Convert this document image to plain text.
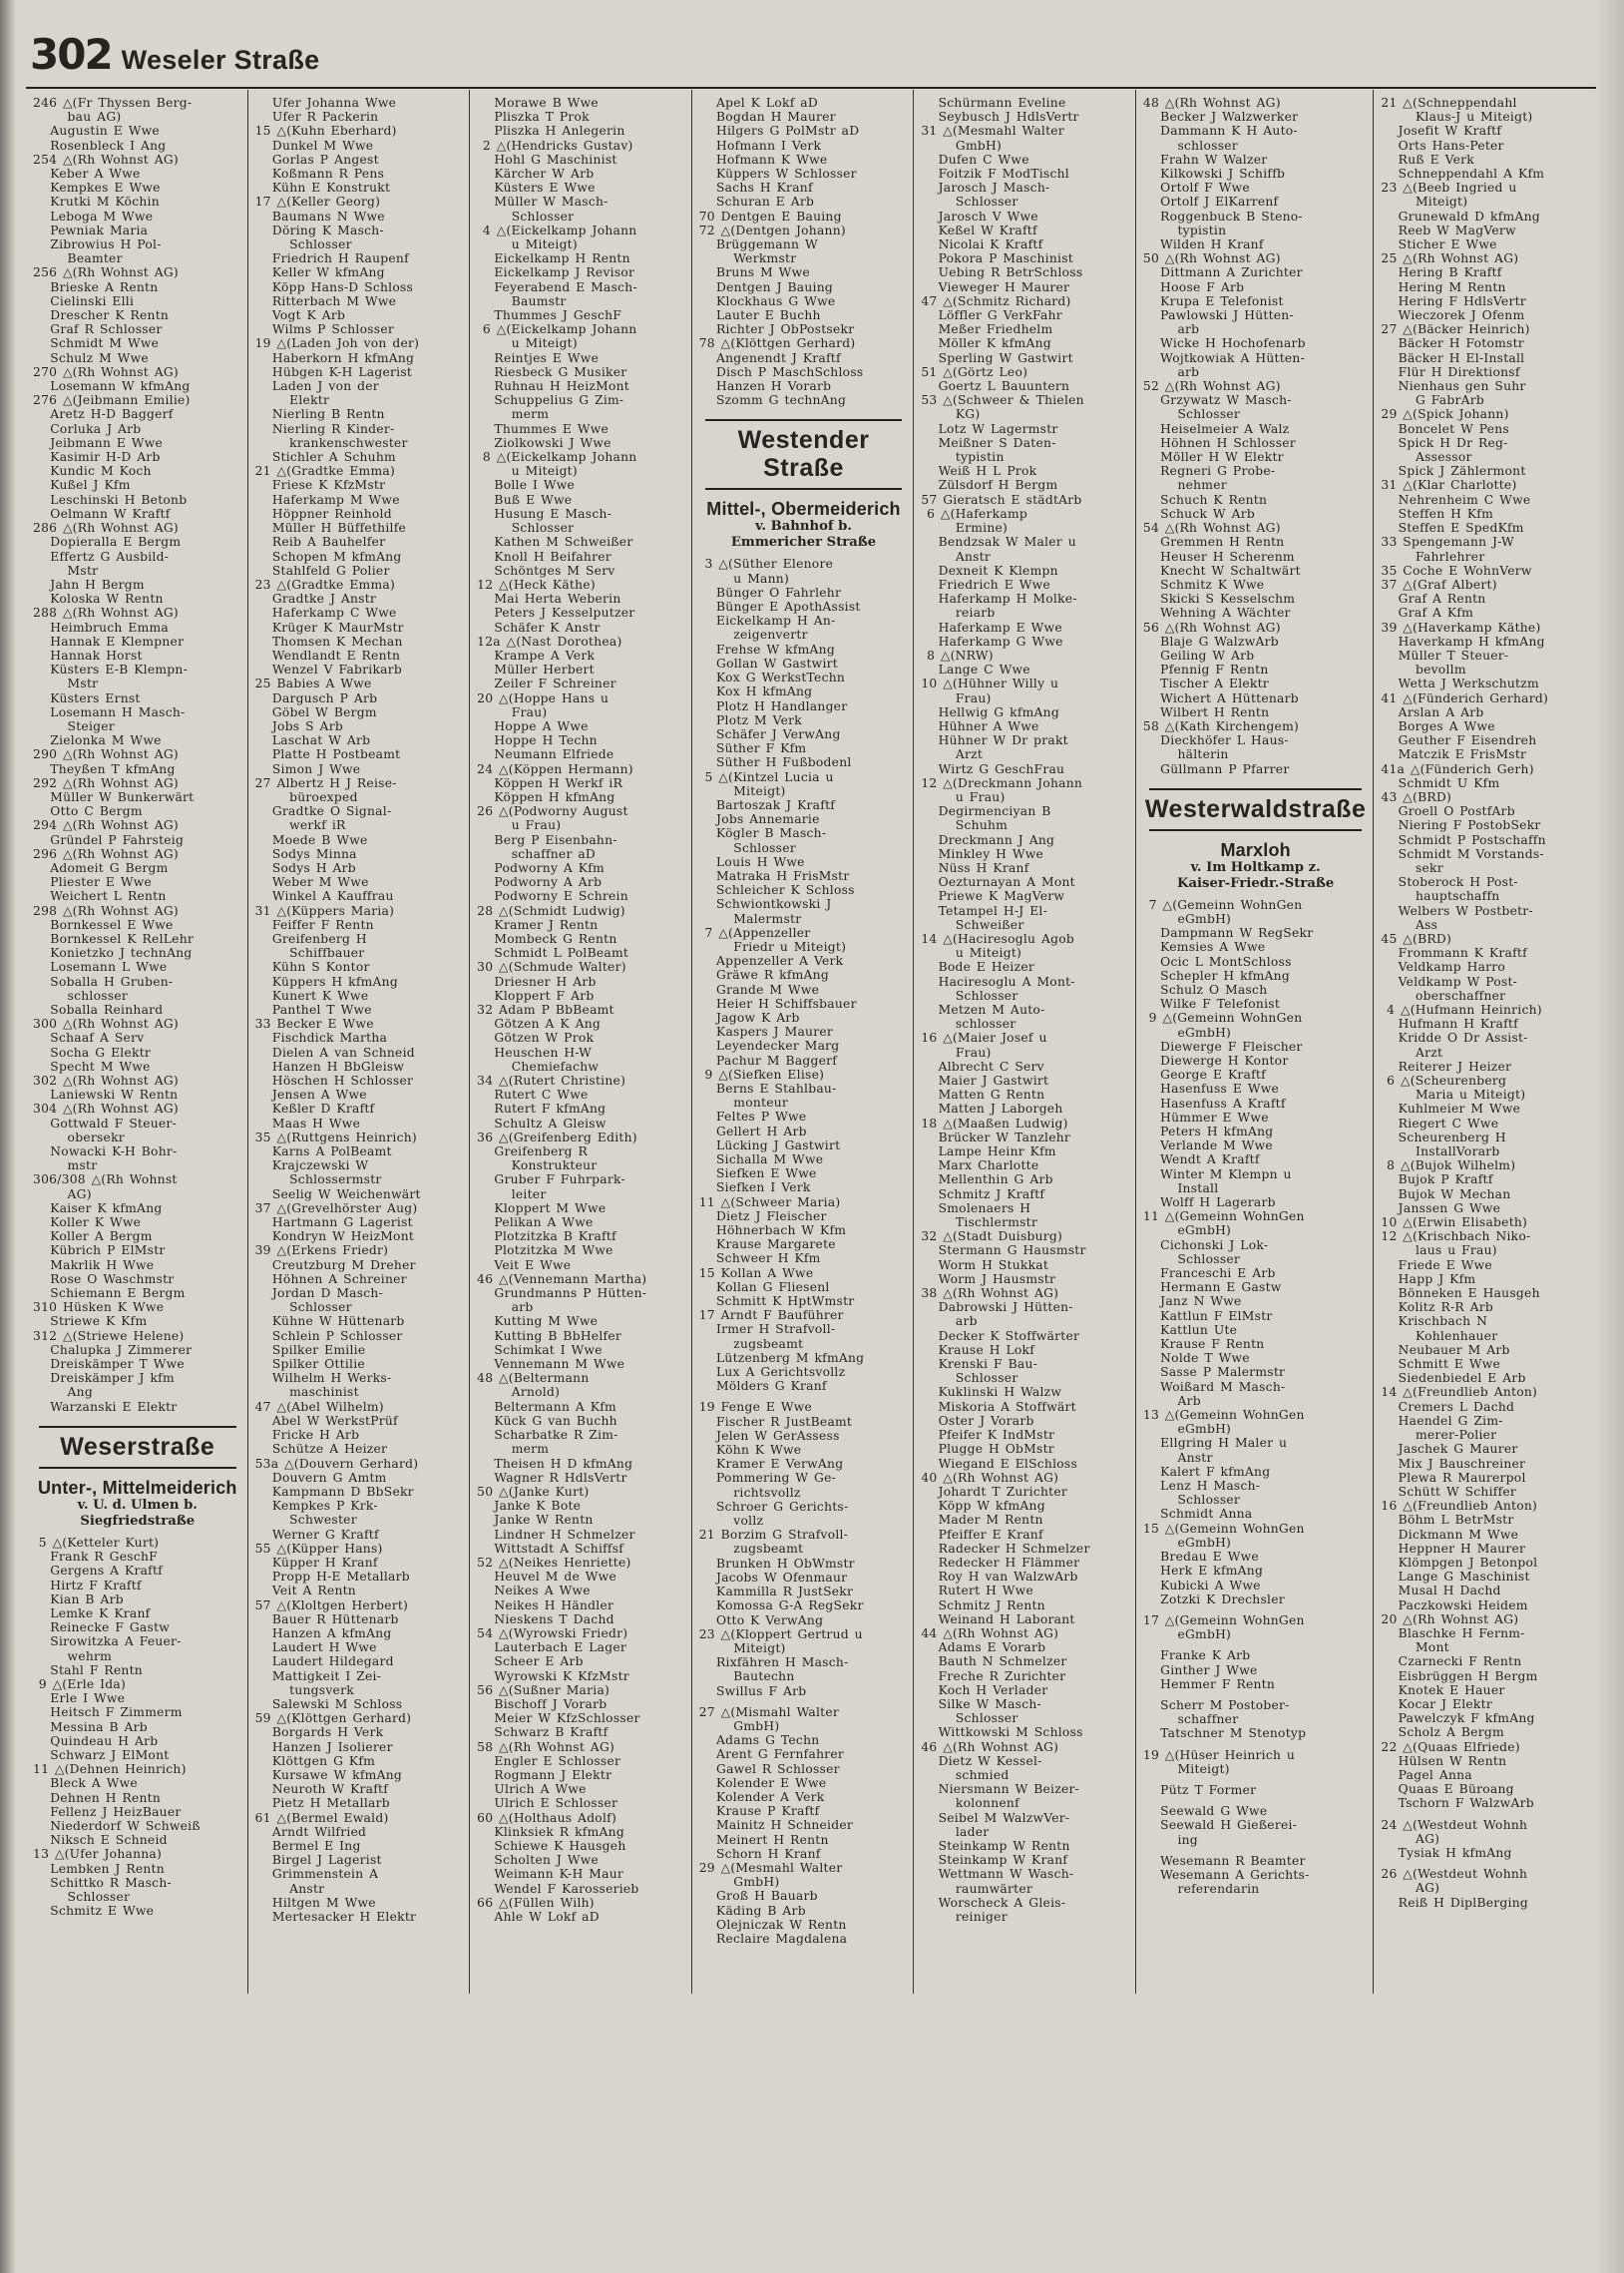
302 Weseler Straße
246 △(Fr Thyssen Berg-
bau AG)
Augustin E Wwe
Rosenbleck I Ang
254 △(Rh Wohnst AG)
Keber A Wwe
Kempkes E Wwe
Krutki M Köchin
Leboga M Wwe
Pewniak Maria
Zibrowius H Pol-
Beamter
256 △(Rh Wohnst AG)
Brieske A Rentn
Cielinski Elli
Drescher K Rentn
Graf R Schlosser
Schmidt M Wwe
Schulz M Wwe
270 △(Rh Wohnst AG)
Losemann W kfmAng
276 △(Jeibmann Emilie)
Aretz H-D Baggerf
Corluka J Arb
Jeibmann E Wwe
Kasimir H-D Arb
Kundic M Koch
Kußel J Kfm
Leschinski H Betonb
Oelmann W Kraftf
286 △(Rh Wohnst AG)
Dopieralla E Bergm
Effertz G Ausbild-
Mstr
Jahn H Bergm
Koloska W Rentn
288 △(Rh Wohnst AG)
Heimbruch Emma
Hannak E Klempner
Hannak Horst
Küsters E-B Klempn-
Mstr
Küsters Ernst
Losemann H Masch-
Steiger
Zielonka M Wwe
290 △(Rh Wohnst AG)
Theyßen T kfmAng
292 △(Rh Wohnst AG)
Müller W Bunkerwärt
Otto C Bergm
294 △(Rh Wohnst AG)
Gründel P Fahrsteig
296 △(Rh Wohnst AG)
Adomeit G Bergm
Pliester E Wwe
Weichert L Rentn
298 △(Rh Wohnst AG)
Bornkessel E Wwe
Bornkessel K RelLehr
Konietzko J technAng
Losemann L Wwe
Soballa H Gruben-
schlosser
Soballa Reinhard
300 △(Rh Wohnst AG)
Schaaf A Serv
Socha G Elektr
Specht M Wwe
302 △(Rh Wohnst AG)
Laniewski W Rentn
304 △(Rh Wohnst AG)
Gottwald F Steuer-
obersekr
Nowacki K-H Bohr-
mstr
306/308 △(Rh Wohnst
AG)
Kaiser K kfmAng
Koller K Wwe
Koller A Bergm
Kübrich P ElMstr
Makrlik H Wwe
Rose O Waschmstr
Schiemann E Bergm
310 Hüsken K Wwe
Striewe K Kfm
312 △(Striewe Helene)
Chalupka J Zimmerer
Dreiskämper T Wwe
Dreiskämper J kfm
Ang
Warzanski E Elektr
Weserstraße
Unter-, Mittelmeiderich
v. U. d. Ulmen b.
Siegfriedstraße
5 △(Ketteler Kurt)
Frank R GeschF
Gergens A Kraftf
Hirtz F Kraftf
Kian B Arb
Lemke K Kranf
Reinecke F Gastw
Sirowitzka A Feuer-
wehrm
Stahl F Rentn
9 △(Erle Ida)
Erle I Wwe
Heitsch F Zimmerm
Messina B Arb
Quindeau H Arb
Schwarz J ElMont
11 △(Dehnen Heinrich)
Bleck A Wwe
Dehnen H Rentn
Fellenz J HeizBauer
Niederdorf W Schweiß
Niksch E Schneid
13 △(Ufer Johanna)
Lembken J Rentn
Schittko R Masch-
Schlosser
Schmitz E Wwe
Ufer Johanna Wwe
Ufer R Packerin
15 △(Kuhn Eberhard)
Dunkel M Wwe
Gorlas P Angest
Koßmann R Pens
Kühn E Konstrukt
17 △(Keller Georg)
Baumans N Wwe
Döring K Masch-
Schlosser
Friedrich H Raupenf
Keller W kfmAng
Köpp Hans-D Schloss
Ritterbach M Wwe
Vogt K Arb
Wilms P Schlosser
19 △(Laden Joh von der)
Haberkorn H kfmAng
Hübgen K-H Lagerist
Laden J von der
Elektr
Nierling B Rentn
Nierling R Kinder-
krankenschwester
Stichler A Schuhm
21 △(Gradtke Emma)
Friese K KfzMstr
Haferkamp M Wwe
Höppner Reinhold
Müller H Büffethilfe
Reib A Bauhelfer
Schopen M kfmAng
Stahlfeld G Polier
23 △(Gradtke Emma)
Gradtke J Anstr
Haferkamp C Wwe
Krüger K MaurMstr
Thomsen K Mechan
Wendlandt E Rentn
Wenzel V Fabrikarb
25 Babies A Wwe
Dargusch P Arb
Göbel W Bergm
Jobs S Arb
Laschat W Arb
Platte H Postbeamt
Simon J Wwe
27 Albertz H J Reise-
büroexped
Gradtke O Signal-
werkf iR
Moede B Wwe
Sodys Minna
Sodys H Arb
Weber M Wwe
Winkel A Kauffrau
31 △(Küppers Maria)
Feiffer F Rentn
Greifenberg H
Schiffbauer
Kühn S Kontor
Küppers H kfmAng
Kunert K Wwe
Panthel T Wwe
33 Becker E Wwe
Fischdick Martha
Dielen A van Schneid
Hanzen H BbGleisw
Höschen H Schlosser
Jensen A Wwe
Keßler D Kraftf
Maas H Wwe
35 △(Ruttgens Heinrich)
Karns A PolBeamt
Krajczewski W
Schlossermstr
Seelig W Weichenwärt
37 △(Grevelhörster Aug)
Hartmann G Lagerist
Kondryn W HeizMont
39 △(Erkens Friedr)
Creutzburg M Dreher
Höhnen A Schreiner
Jordan D Masch-
Schlosser
Kühne W Hüttenarb
Schlein P Schlosser
Spilker Emilie
Spilker Ottilie
Wilhelm H Werks-
maschinist
47 △(Abel Wilhelm)
Abel W WerkstPrüf
Fricke H Arb
Schütze A Heizer
53a △(Douvern Gerhard)
Douvern G Amtm
Kampmann D BbSekr
Kempkes P Krk-
Schwester
Werner G Kraftf
55 △(Küpper Hans)
Küpper H Kranf
Propp H-E Metallarb
Veit A Rentn
57 △(Kloltgen Herbert)
Bauer R Hüttenarb
Hanzen A kfmAng
Laudert H Wwe
Laudert Hildegard
Mattigkeit I Zei-
tungsverk
Salewski M Schloss
59 △(Klöttgen Gerhard)
Borgards H Verk
Hanzen J Isolierer
Klöttgen G Kfm
Kursawe W kfmAng
Neuroth W Kraftf
Pietz H Metallarb
61 △(Bermel Ewald)
Arndt Wilfried
Bermel E Ing
Birgel J Lagerist
Grimmenstein A
Anstr
Hiltgen M Wwe
Mertesacker H Elektr
Morawe B Wwe
Pliszka T Prok
Pliszka H Anlegerin
2 △(Hendricks Gustav)
Hohl G Maschinist
Kärcher W Arb
Küsters E Wwe
Müller W Masch-
Schlosser
4 △(Eickelkamp Johann
u Miteigt)
Eickelkamp H Rentn
Eickelkamp J Revisor
Feyerabend E Masch-
Baumstr
Thummes J GeschF
6 △(Eickelkamp Johann
u Miteigt)
Reintjes E Wwe
Riesbeck G Musiker
Ruhnau H HeizMont
Schuppelius G Zim-
merm
Thummes E Wwe
Ziolkowski J Wwe
8 △(Eickelkamp Johann
u Miteigt)
Bolle I Wwe
Buß E Wwe
Husung E Masch-
Schlosser
Kathen M Schweißer
Knoll H Beifahrer
Schöntges M Serv
12 △(Heck Käthe)
Mai Herta Weberin
Peters J Kesselputzer
Schäfer K Anstr
12a △(Nast Dorothea)
Krampe A Verk
Müller Herbert
Zeiler F Schreiner
20 △(Hoppe Hans u
Frau)
Hoppe A Wwe
Hoppe H Techn
Neumann Elfriede
24 △(Köppen Hermann)
Köppen H Werkf iR
Köppen H kfmAng
26 △(Podworny August
u Frau)
Berg P Eisenbahn-
schaffner aD
Podworny A Kfm
Podworny A Arb
Podworny E Schrein
28 △(Schmidt Ludwig)
Kramer J Rentn
Mombeck G Rentn
Schmidt L PolBeamt
30 △(Schmude Walter)
Driesner H Arb
Kloppert F Arb
32 Adam P BbBeamt
Götzen A K Ang
Götzen W Prok
Heuschen H-W
Chemiefachw
34 △(Rutert Christine)
Rutert C Wwe
Rutert F kfmAng
Schultz A Gleisw
36 △(Greifenberg Edith)
Greifenberg R
Konstrukteur
Gruber F Fuhrpark-
leiter
Kloppert M Wwe
Pelikan A Wwe
Plotzitzka B Kraftf
Plotzitzka M Wwe
Veit E Wwe
46 △(Vennemann Martha)
Grundmanns P Hütten-
arb
Kutting M Wwe
Kutting B BbHelfer
Schimkat I Wwe
Vennemann M Wwe
48 △(Beltermann
Arnold)
Beltermann A Kfm
Kück G van Buchh
Scharbatke R Zim-
merm
Theisen H D kfmAng
Wagner R HdlsVertr
50 △(Janke Kurt)
Janke K Bote
Janke W Rentn
Lindner H Schmelzer
Wittstadt A Schiffsf
52 △(Neikes Henriette)
Heuvel M de Wwe
Neikes A Wwe
Neikes H Händler
Nieskens T Dachd
54 △(Wyrowski Friedr)
Lauterbach E Lager
Scheer E Arb
Wyrowski K KfzMstr
56 △(Sußner Maria)
Bischoff J Vorarb
Meier W KfzSchlosser
Schwarz B Kraftf
58 △(Rh Wohnst AG)
Engler E Schlosser
Rogmann J Elektr
Ulrich A Wwe
Ulrich E Schlosser
60 △(Holthaus Adolf)
Klinksiek R kfmAng
Schiewe K Hausgeh
Scholten J Wwe
Weimann K-H Maur
Wendel F Karosserieb
66 △(Füllen Wilh)
Ahle W Lokf aD
Apel K Lokf aD
Bogdan H Maurer
Hilgers G PolMstr aD
Hofmann I Verk
Hofmann K Wwe
Küppers W Schlosser
Sachs H Kranf
Schuran E Arb
70 Dentgen E Bauing
72 △(Dentgen Johann)
Brüggemann W
Werkmstr
Bruns M Wwe
Dentgen J Bauing
Klockhaus G Wwe
Lauter E Buchh
Richter J ObPostsekr
78 △(Klöttgen Gerhard)
Angenendt J Kraftf
Disch P MaschSchloss
Hanzen H Vorarb
Szomm G technAng
Westender Straße
Mittel-, Obermeiderich
v. Bahnhof b.
Emmericher Straße
3 △(Süther Elenore
u Mann)
Bünger O Fahrlehr
Bünger E ApothAssist
Eickelkamp H An-
zeigenvertr
Frehse W kfmAng
Gollan W Gastwirt
Kox G WerkstTechn
Kox H kfmAng
Plotz H Handlanger
Plotz M Verk
Schäfer J VerwAng
Süther F Kfm
Süther H Fußbodenl
5 △(Kintzel Lucia u
Miteigt)
Bartoszak J Kraftf
Jobs Annemarie
Kögler B Masch-
Schlosser
Louis H Wwe
Matraka H FrisMstr
Schleicher K Schloss
Schwiontkowski J
Malermstr
7 △(Appenzeller
Friedr u Miteigt)
Appenzeller A Verk
Gräwe R kfmAng
Grande M Wwe
Heier H Schiffsbauer
Jagow K Arb
Kaspers J Maurer
Leyendecker Marg
Pachur M Baggerf
9 △(Siefken Elise)
Berns E Stahlbau-
monteur
Feltes P Wwe
Gellert H Arb
Lücking J Gastwirt
Sichalla M Wwe
Siefken E Wwe
Siefken I Verk
11 △(Schweer Maria)
Dietz J Fleischer
Höhnerbach W Kfm
Krause Margarete
Schweer H Kfm
15 Kollan A Wwe
Kollan G Fliesenl
Schmitt K HptWmstr
17 Arndt F Bauführer
Irmer H Strafvoll-
zugsbeamt
Lützenberg M kfmAng
Lux A Gerichtsvollz
Mölders G Kranf
19 Fenge E Wwe
Fischer R JustBeamt
Jelen W GerAssess
Köhn K Wwe
Kramer E VerwAng
Pommering W Ge-
richtsvollz
Schroer G Gerichts-
vollz
21 Borzim G Strafvoll-
zugsbeamt
Brunken H ObWmstr
Jacobs W Ofenmaur
Kammilla R JustSekr
Komossa G-A RegSekr
Otto K VerwAng
23 △(Kloppert Gertrud u
Miteigt)
Rixfähren H Masch-
Bautechn
Swillus F Arb
27 △(Mismahl Walter
GmbH)
Adams G Techn
Arent G Fernfahrer
Gawel R Schlosser
Kolender E Wwe
Kolender A Verk
Krause P Kraftf
Mainitz H Schneider
Meinert H Rentn
Schorn H Kranf
29 △(Mesmahl Walter
GmbH)
Groß H Bauarb
Käding B Arb
Olejniczak W Rentn
Reclaire Magdalena
Schürmann Eveline
Seybusch J HdlsVertr
31 △(Mesmahl Walter
GmbH)
Dufen C Wwe
Foitzik F ModTischl
Jarosch J Masch-
Schlosser
Jarosch V Wwe
Keßel W Kraftf
Nicolai K Kraftf
Pokora P Maschinist
Uebing R BetrSchloss
Vieweger H Maurer
47 △(Schmitz Richard)
Löffler G VerkFahr
Meßer Friedhelm
Möller K kfmAng
Sperling W Gastwirt
51 △(Görtz Leo)
Goertz L Bauuntern
53 △(Schweer & Thielen
KG)
Lotz W Lagermstr
Meißner S Daten-
typistin
Weiß H L Prok
Zülsdorf H Bergm
57 Gieratsch E städtArb
6 △(Haferkamp
Ermine)
Bendzsak W Maler u
Anstr
Dexneit K Klempn
Friedrich E Wwe
Haferkamp H Molke-
reiarb
Haferkamp E Wwe
Haferkamp G Wwe
8 △(NRW)
Lange C Wwe
10 △(Hühner Willy u
Frau)
Hellwig G kfmAng
Hühner A Wwe
Hühner W Dr prakt
Arzt
Wirtz G GeschFrau
12 △(Dreckmann Johann
u Frau)
Degirmenciyan B
Schuhm
Dreckmann J Ang
Minkley H Wwe
Nüss H Kranf
Oezturnayan A Mont
Priewe K MagVerw
Tetampel H-J El-
Schweißer
14 △(Haciresoglu Agob
u Miteigt)
Bode E Heizer
Haciresoglu A Mont-
Schlosser
Metzen M Auto-
schlosser
16 △(Maier Josef u
Frau)
Albrecht C Serv
Maier J Gastwirt
Matten G Rentn
Matten J Laborgeh
18 △(Maaßen Ludwig)
Brücker W Tanzlehr
Lampe Heinr Kfm
Marx Charlotte
Mellenthin G Arb
Schmitz J Kraftf
Smolenaers H
Tischlermstr
32 △(Stadt Duisburg)
Stermann G Hausmstr
Worm H Stukkat
Worm J Hausmstr
38 △(Rh Wohnst AG)
Dabrowski J Hütten-
arb
Decker K Stoffwärter
Krause H Lokf
Krenski F Bau-
Schlosser
Kuklinski H Walzw
Miskoria A Stoffwärt
Oster J Vorarb
Pfeifer K IndMstr
Plugge H ObMstr
Wiegand E ElSchloss
40 △(Rh Wohnst AG)
Johardt T Zurichter
Köpp W kfmAng
Mader M Rentn
Pfeiffer E Kranf
Radecker H Schmelzer
Redecker H Flämmer
Roy H van WalzwArb
Rutert H Wwe
Schmitz J Rentn
Weinand H Laborant
44 △(Rh Wohnst AG)
Adams E Vorarb
Bauth N Schmelzer
Freche R Zurichter
Koch H Verlader
Silke W Masch-
Schlosser
Wittkowski M Schloss
46 △(Rh Wohnst AG)
Dietz W Kessel-
schmied
Niersmann W Beizer-
kolonnenf
Seibel M WalzwVer-
lader
Steinkamp W Rentn
Steinkamp W Kranf
Wettmann W Wasch-
raumwärter
Worscheck A Gleis-
reiniger
48 △(Rh Wohnst AG)
Becker J Walzwerker
Dammann K H Auto-
schlosser
Frahn W Walzer
Kilkowski J Schiffb
Ortolf F Wwe
Ortolf J ElKarrenf
Roggenbuck B Steno-
typistin
Wilden H Kranf
50 △(Rh Wohnst AG)
Dittmann A Zurichter
Hoose F Arb
Krupa E Telefonist
Pawlowski J Hütten-
arb
Wicke H Hochofenarb
Wojtkowiak A Hütten-
arb
52 △(Rh Wohnst AG)
Grzywatz W Masch-
Schlosser
Heiselmeier A Walz
Höhnen H Schlosser
Möller H W Elektr
Regneri G Probe-
nehmer
Schuch K Rentn
Schuck W Arb
54 △(Rh Wohnst AG)
Gremmen H Rentn
Heuser H Scherenm
Knecht W Schaltwärt
Schmitz K Wwe
Skicki S Kesselschm
Wehning A Wächter
56 △(Rh Wohnst AG)
Blaje G WalzwArb
Geiling W Arb
Pfennig F Rentn
Tischer A Elektr
Wichert A Hüttenarb
Wilbert H Rentn
58 △(Kath Kirchengem)
Dieckhöfer L Haus-
hälterin
Güllmann P Pfarrer
Westerwaldstraße
Marxloh
v. Im Holtkamp z.
Kaiser-Friedr.-Straße
7 △(Gemeinn WohnGen
eGmbH)
Dampmann W RegSekr
Kemsies A Wwe
Ocic L MontSchloss
Schepler H kfmAng
Schulz O Masch
Wilke F Telefonist
9 △(Gemeinn WohnGen
eGmbH)
Diewerge F Fleischer
Diewerge H Kontor
George E Kraftf
Hasenfuss E Wwe
Hasenfuss A Kraftf
Hümmer E Wwe
Peters H kfmAng
Verlande M Wwe
Wendt A Kraftf
Winter M Klempn u
Install
Wolff H Lagerarb
11 △(Gemeinn WohnGen
eGmbH)
Cichonski J Lok-
Schlosser
Franceschi E Arb
Hermann E Gastw
Janz N Wwe
Kattlun F ElMstr
Kattlun Ute
Krause F Rentn
Nolde T Wwe
Sasse P Malermstr
Woißard M Masch-
Arb
13 △(Gemeinn WohnGen
eGmbH)
Ellgring H Maler u
Anstr
Kalert F kfmAng
Lenz H Masch-
Schlosser
Schmidt Anna
15 △(Gemeinn WohnGen
eGmbH)
Bredau E Wwe
Herk E kfmAng
Kubicki A Wwe
Zotzki K Drechsler
17 △(Gemeinn WohnGen
eGmbH)
Franke K Arb
Ginther J Wwe
Hemmer F Rentn
Scherr M Postober-
schaffner
Tatschner M Stenotyp
19 △(Hüser Heinrich u
Miteigt)
Pütz T Former
Seewald G Wwe
Seewald H Gießerei-
ing
Wesemann R Beamter
Wesemann A Gerichts-
referendarin
21 △(Schneppendahl
Klaus-J u Miteigt)
Josefit W Kraftf
Orts Hans-Peter
Ruß E Verk
Schneppendahl A Kfm
23 △(Beeb Ingried u
Miteigt)
Grunewald D kfmAng
Reeb W MagVerw
Sticher E Wwe
25 △(Rh Wohnst AG)
Hering B Kraftf
Hering M Rentn
Hering F HdlsVertr
Wieczorek J Ofenm
27 △(Bäcker Heinrich)
Bäcker H Fotomstr
Bäcker H El-Install
Flür H Direktionsf
Nienhaus gen Suhr
G FabrArb
29 △(Spick Johann)
Boncelet W Pens
Spick H Dr Reg-
Assessor
Spick J Zählermont
31 △(Klar Charlotte)
Nehrenheim C Wwe
Steffen H Kfm
Steffen E SpedKfm
33 Spengemann J-W
Fahrlehrer
35 Coche E WohnVerw
37 △(Graf Albert)
Graf A Rentn
Graf A Kfm
39 △(Haverkamp Käthe)
Haverkamp H kfmAng
Müller T Steuer-
bevollm
Wetta J Werkschutzm
41 △(Fünderich Gerhard)
Arslan A Arb
Borges A Wwe
Geuther F Eisendreh
Matczik E FrisMstr
41a △(Fünderich Gerh)
Schmidt U Kfm
43 △(BRD)
Groell O PostfArb
Niering F PostobSekr
Schmidt P Postschaffn
Schmidt M Vorstands-
sekr
Stoberock H Post-
hauptschaffn
Welbers W Postbetr-
Ass
45 △(BRD)
Frommann K Kraftf
Veldkamp Harro
Veldkamp W Post-
oberschaffner
4 △(Hufmann Heinrich)
Hufmann H Kraftf
Kridde O Dr Assist-
Arzt
Reiterer J Heizer
6 △(Scheurenberg
Maria u Miteigt)
Kuhlmeier M Wwe
Riegert C Wwe
Scheurenberg H
InstallVorarb
8 △(Bujok Wilhelm)
Bujok P Kraftf
Bujok W Mechan
Janssen G Wwe
10 △(Erwin Elisabeth)
12 △(Krischbach Niko-
laus u Frau)
Friede E Wwe
Happ J Kfm
Bönneken E Hausgeh
Kolitz R-R Arb
Krischbach N
Kohlenhauer
Neubauer M Arb
Schmitt E Wwe
Siedenbiedel E Arb
14 △(Freundlieb Anton)
Cremers L Dachd
Haendel G Zim-
merer-Polier
Jaschek G Maurer
Mix J Bauschreiner
Plewa R Maurerpol
Schütt W Schiffer
16 △(Freundlieb Anton)
Böhm L BetrMstr
Dickmann M Wwe
Heppner H Maurer
Klömpgen J Betonpol
Lange G Maschinist
Musal H Dachd
Paczkowski Heidem
20 △(Rh Wohnst AG)
Blaschke H Fernm-
Mont
Czarnecki F Rentn
Eisbrüggen H Bergm
Knotek E Hauer
Kocar J Elektr
Pawelczyk F kfmAng
Scholz A Bergm
22 △(Quaas Elfriede)
Hülsen W Rentn
Pagel Anna
Quaas E Büroang
Tschorn F WalzwArb
24 △(Westdeut Wohnh
AG)
Tysiak H kfmAng
26 △(Westdeut Wohnh
AG)
Reiß H DiplBerging
